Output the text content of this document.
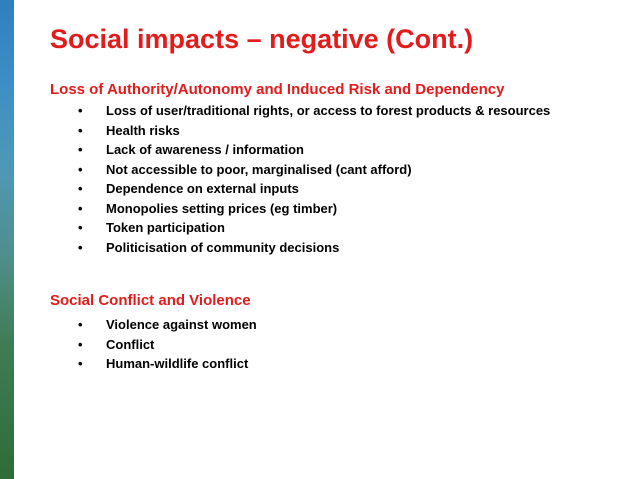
Social impacts – negative (Cont.)
Loss of Authority/Autonomy and Induced Risk and Dependency
•	Loss of user/traditional rights, or access to forest products & resources
•	Health risks
•	Lack of awareness / information
•	Not accessible to poor, marginalised (cant afford)
•	Dependence on external inputs
•	Monopolies setting prices (eg timber)
•	Token participation
•	Politicisation of community decisions
Social Conflict and Violence
•	Violence against women
•	Conflict
•	Human-wildlife conflict
